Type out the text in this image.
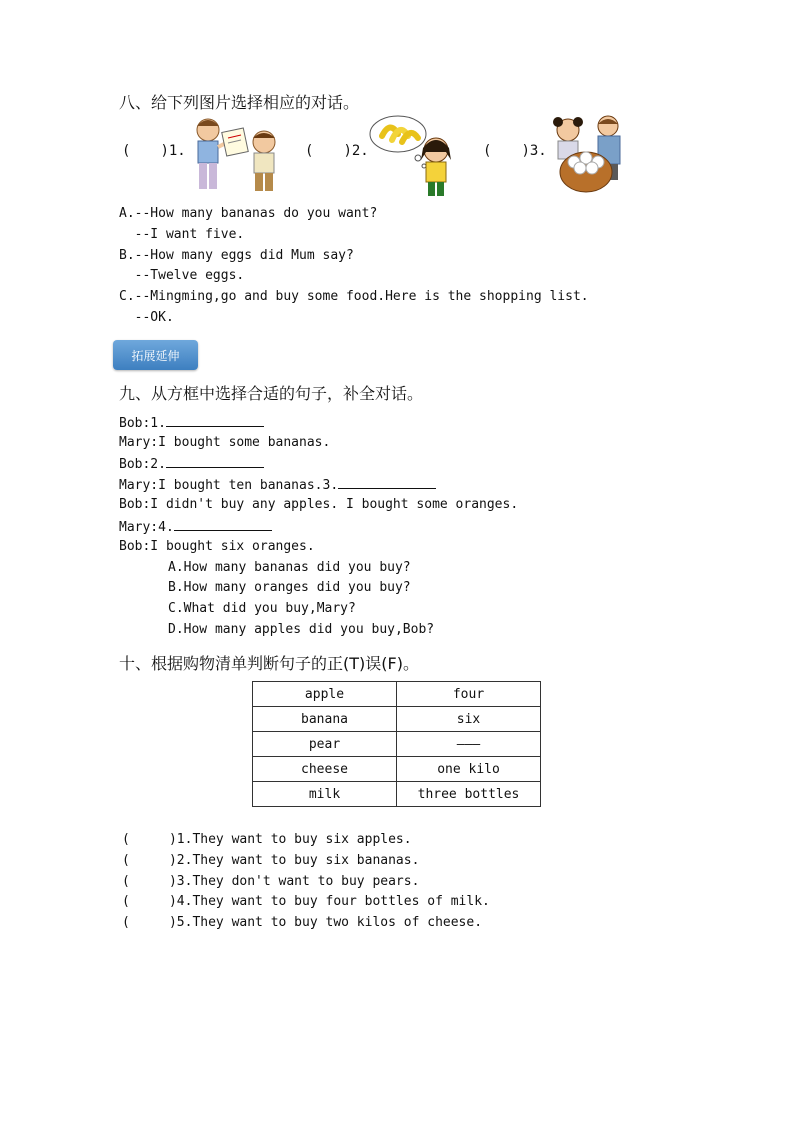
八、给下列图片选择相应的对话。
( )1.	( )2.	( )3.
A.--How many bananas do you want?
--I want five.
B.--How many eggs did Mum say?
--Twelve eggs.
C.--Mingming,go and buy some food.Here is the shopping list.
--OK.
拓展延伸
九、从方框中选择合适的句子，补全对话。
Bob:1.
Mary:I bought some bananas.
Bob:2.
Mary:I bought ten bananas.3.
Bob:I didn't buy any apples. I bought some oranges.
Mary:4.
Bob:I bought six oranges.
A.How many bananas did you buy?
B.How many oranges did you buy?
C.What did you buy,Mary?
D.How many apples did you buy,Bob?
十、根据购物清单判断句子的正(T)误(F)。
apple	four
banana	six
pear	———
cheese	one kilo
milk	three bottles
(     )1.They want to buy six apples.
(     )2.They want to buy six bananas.
(     )3.They don't want to buy pears.
(     )4.They want to buy four bottles of milk.
(     )5.They want to buy two kilos of cheese.
